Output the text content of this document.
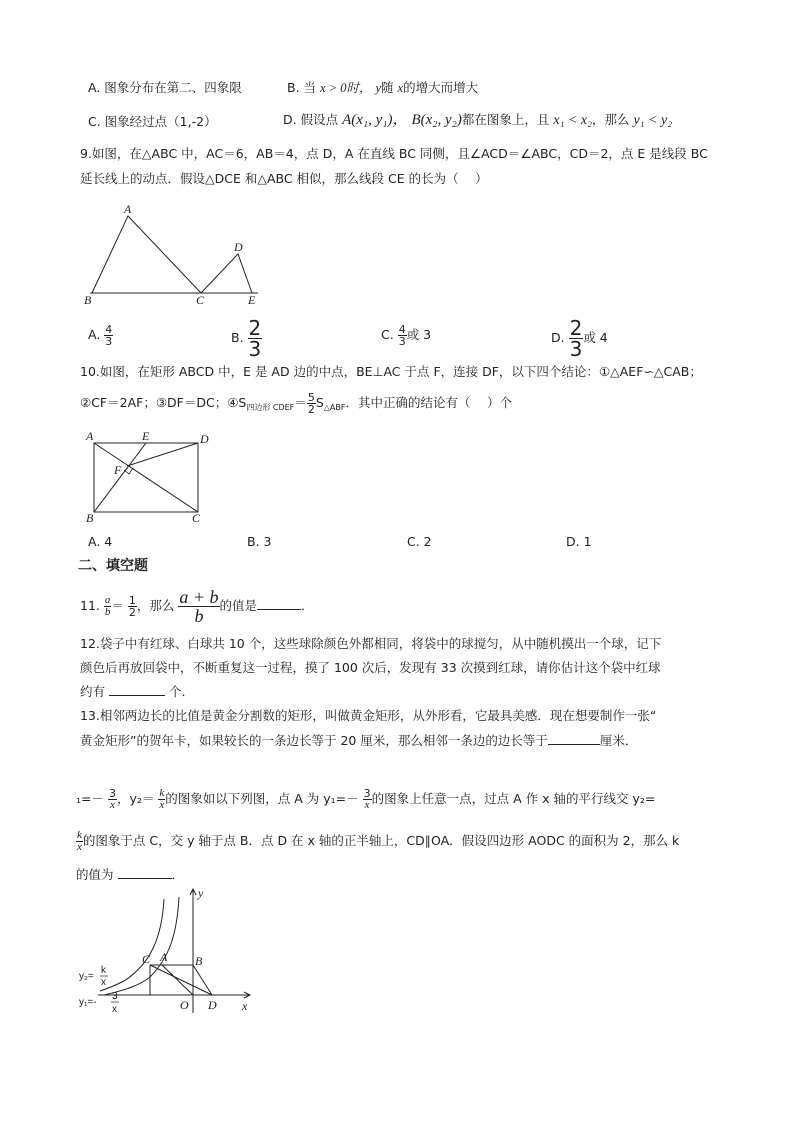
A. 图象分布在第二、四象限	B. 当 x > 0时， y随 x的增大而增大
C. 图象经过点（1,-2）	D. 假设点 A(x₁, y₁)， B(x₂, y₂)都在图象上，且 x₁ < x₂，那么 y₁ < y₂
9.如图，在△ABC 中，AC＝6，AB＝4，点 D，A 在直线 BC 同侧，且∠ACD＝∠ABC，CD＝2，点 E 是线段 BC
延长线上的动点．假设△DCE 和△ABC 相似，那么线段 CE 的长为（　 ）
A
B	C
D
E
A. $\frac{4}{3}$	B. $\frac{2}{3}$	C. $\frac{4}{3}$ 或 3	D. $\frac{2}{3}$ 或 4
10.如图，在矩形 ABCD 中，E 是 AD 边的中点，BE⊥AC 于点 F，连接 DF，以下四个结论：①△AEF∽△CAB；
②CF＝2AF；③DF＝DC；$④S_{四边形 CDEF}= \frac{5}{2} S_{\triangle ABF}$．其中正确的结论有（　 ）个
A	E	D
F
B	C
A. 4	B. 3	C. 2	D. 1
二、填空题
11. $\frac{a}{b} = \frac{1}{2}$ ，那么 $\frac{a + b}{b}$ 的值是	．
12.袋子中有红球、白球共 10 个，这些球除颜色外都相同，将袋中的球搅匀，从中随机摸出一个球，记下
颜色后再放回袋中，不断重复这一过程，摸了 100 次后，发现有 33 次摸到红球，请你估计这个袋中红球
约有	个．
13.相邻两边长的比值是黄金分割数的矩形，叫做黄金矩形，从外形看，它最具美感．现在想要制作一张“
黄金矩形”的贺年卡，如果较长的一条边长等于 20 厘米，那么相邻一条边的边长等于	厘米．
$_1=- \frac{3}{x}$ ，$y_2= \frac{k}{x}$ 的图象如以下列图，点 A 为 $y_1=- \frac{3}{x}$ 的图象上任意一点，过点 A 作 x 轴的平行线交 y₂=
$\frac{k}{x}$ 的图象于点 C，交 y 轴于点 B．点 D 在 x 轴的正半轴上，CD∥OA．假设四边形 AODC 的面积为 2，那么 k
的值为	．
y
x
O D
A B
C
y₂=
k
x
y₁=-
3
x
